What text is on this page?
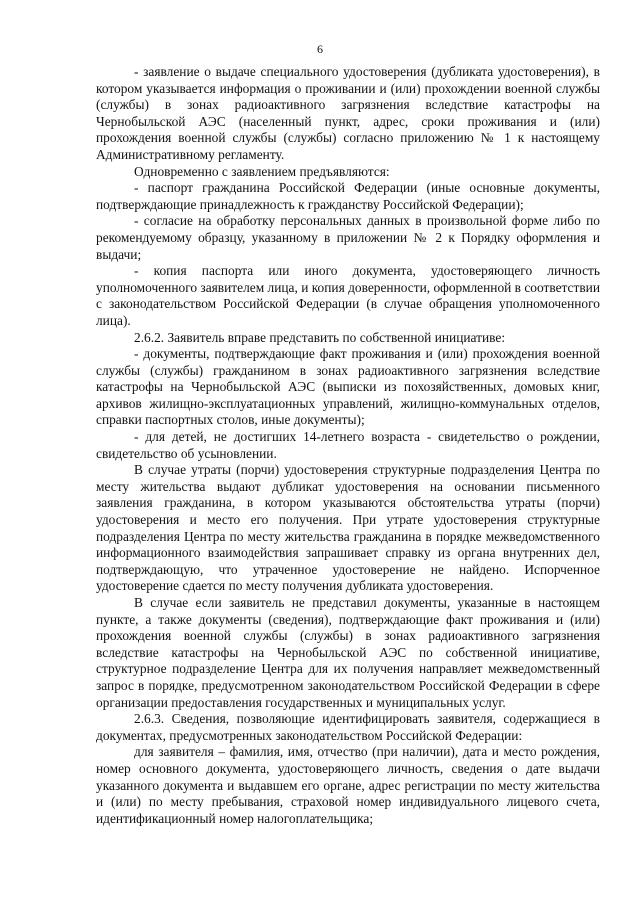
6

- заявление о выдаче специального удостоверения (дубликата удостоверения), в котором указывается информация о проживании и (или) прохождении военной службы (службы) в зонах радиоактивного загрязнения вследствие катастрофы на Чернобыльской АЭС (населенный пункт, адрес, сроки проживания и (или) прохождения военной службы (службы) согласно приложению № 1 к настоящему Административному регламенту.

Одновременно с заявлением предъявляются:

- паспорт гражданина Российской Федерации (иные основные документы, подтверждающие принадлежность к гражданству Российской Федерации);

- согласие на обработку персональных данных в произвольной форме либо по рекомендуемому образцу, указанному в приложении № 2 к Порядку оформления и выдачи;

- копия паспорта или иного документа, удостоверяющего личность уполномоченного заявителем лица, и копия доверенности, оформленной в соответствии с законодательством Российской Федерации (в случае обращения уполномоченного лица).

2.6.2. Заявитель вправе представить по собственной инициативе:

- документы, подтверждающие факт проживания и (или) прохождения военной службы (службы) гражданином в зонах радиоактивного загрязнения вследствие катастрофы на Чернобыльской АЭС (выписки из похозяйственных, домовых книг, архивов жилищно-эксплуатационных управлений, жилищно-коммунальных отделов, справки паспортных столов, иные документы);

- для детей, не достигших 14-летнего возраста - свидетельство о рождении, свидетельство об усыновлении.

В случае утраты (порчи) удостоверения структурные подразделения Центра по месту жительства выдают дубликат удостоверения на основании письменного заявления гражданина, в котором указываются обстоятельства утраты (порчи) удостоверения и место его получения. При утрате удостоверения структурные подразделения Центра по месту жительства гражданина в порядке межведомственного информационного взаимодействия запрашивает справку из органа внутренних дел, подтверждающую, что утраченное удостоверение не найдено. Испорченное удостоверение сдается по месту получения дубликата удостоверения.

В случае если заявитель не представил документы, указанные в настоящем пункте, а также документы (сведения), подтверждающие факт проживания и (или) прохождения военной службы (службы) в зонах радиоактивного загрязнения вследствие катастрофы на Чернобыльской АЭС по собственной инициативе, структурное подразделение Центра для их получения направляет межведомственный запрос в порядке, предусмотренном законодательством Российской Федерации в сфере организации предоставления государственных и муниципальных услуг.

2.6.3. Сведения, позволяющие идентифицировать заявителя, содержащиеся в документах, предусмотренных законодательством Российской Федерации:

для заявителя – фамилия, имя, отчество (при наличии), дата и место рождения, номер основного документа, удостоверяющего личность, сведения о дате выдачи указанного документа и выдавшем его органе, адрес регистрации по месту жительства и (или) по месту пребывания, страховой номер индивидуального лицевого счета, идентификационный номер налогоплательщика;
